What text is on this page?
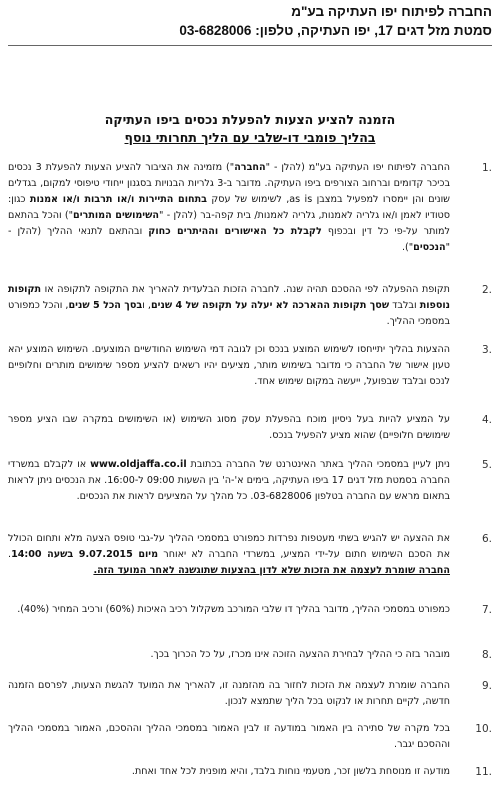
החברה לפיתוח יפו העתיקה בע"מ
סמטת מזל דגים 17, יפו העתיקה, טלפון: 03-6828006
הזמנה להציע הצעות להפעלת נכסים ביפו העתיקה
בהליך פומבי דו-שלבי עם הליך תחרותי נוסף
1.
החברה לפיתוח יפו העתיקה בע"מ (להלן - "החברה") מזמינה את הציבור להציע הצעות להפעלת 3 נכסים בכיכר קדומים וברחוב הצורפים ביפו העתיקה. מדובר ב-3 גלריות הבנויות בסגנון ייחודי טיפוסי למקום, בגדלים שונים והן יימסרו למפעיל במצבן as is, לשימוש של עסק בתחום התיירות ו/או תרבות ו/או אמנות כגון: סטודיו לאמן ו/או גלריה לאמנות, גלריה לאמנות/ בית קפה-בר (להלן - "השימושים המותרים") והכל בהתאם למותר על-פי כל דין ובכפוף לקבלת כל האישורים וההיתרים כחוק ובהתאם לתנאי ההליך (להלן - "הנכסים").
2.
תקופת ההפעלה לפי ההסכם תהיה שנה. לחברה הזכות הבלעדית להאריך את התקופה לתקופה או תקופות נוספות ובלבד שסך תקופות ההארכה לא יעלה על תקופה של 4 שנים, ובסך הכל 5 שנים, והכל כמפורט במסמכי ההליך.
3.
ההצעות בהליך יתייחסו לשימוש המוצע בנכס וכן לגובה דמי השימוש החודשיים המוצעים. השימוש המוצע יהא טעון אישור של החברה כי מדובר בשימוש מותר, מציעים יהיו רשאים להציע מספר שימושים מותרים וחלופיים לנכס ובלבד שבפועל, ייעשה במקום שימוש אחד.
4.
על המציע להיות בעל ניסיון מוכח בהפעלת עסק מסוג השימוש (או השימושים במקרה שבו הציע מספר שימושים חלופיים) שהוא מציע להפעיל בנכס.
5.
ניתן לעיין במסמכי ההליך באתר האינטרנט של החברה בכתובת www.oldjaffa.co.il או לקבלם במשרדי החברה בסמטת מזל דגים 17 ביפו העתיקה, בימים א'-ה' בין השעות 09:00 ל-16:00. את הנכסים ניתן לראות בתאום מראש עם החברה בטלפון 03-6828006. כל מהלך על המציעים לראות את הנכסים.
6.
את ההצעה יש להגיש בשתי מעטפות נפרדות כמפורט במסמכי ההליך על-גבי טופס הצעה מלא ותחום הכולל את הסכם השימוש חתום על-ידי המציע, במשרדי החברה לא יאוחר מיום 9.07.2015 בשעה 14:00. החברה שומרת לעצמה את הזכות שלא לדון בהצעות שתוגשנה לאחר המועד הזה.
7.
כמפורט במסמכי ההליך, מדובר בהליך דו שלבי המורכב משקלול רכיב האיכות (60%) ורכיב המחיר (40%).
8.
מובהר בזה כי ההליך לבחירת ההצעה הזוכה אינו מכרז, על כל הכרוך בכך.
9.
החברה שומרת לעצמה את הזכות לחזור בה מהזמנה זו, להאריך את המועד להגשת הצעות, לפרסם הזמנה חדשה, לקיים תחרות או לנקוט בכל הליך שתמצא לנכון.
10.
בכל מקרה של סתירה בין האמור במודעה זו לבין האמור במסמכי ההליך וההסכם, האמור במסמכי ההליך וההסכם יגבר.
11.
מודעה זו מנוסחת בלשון זכר, מטעמי נוחות בלבד, והיא מופנית לכל אחד ואחת.
